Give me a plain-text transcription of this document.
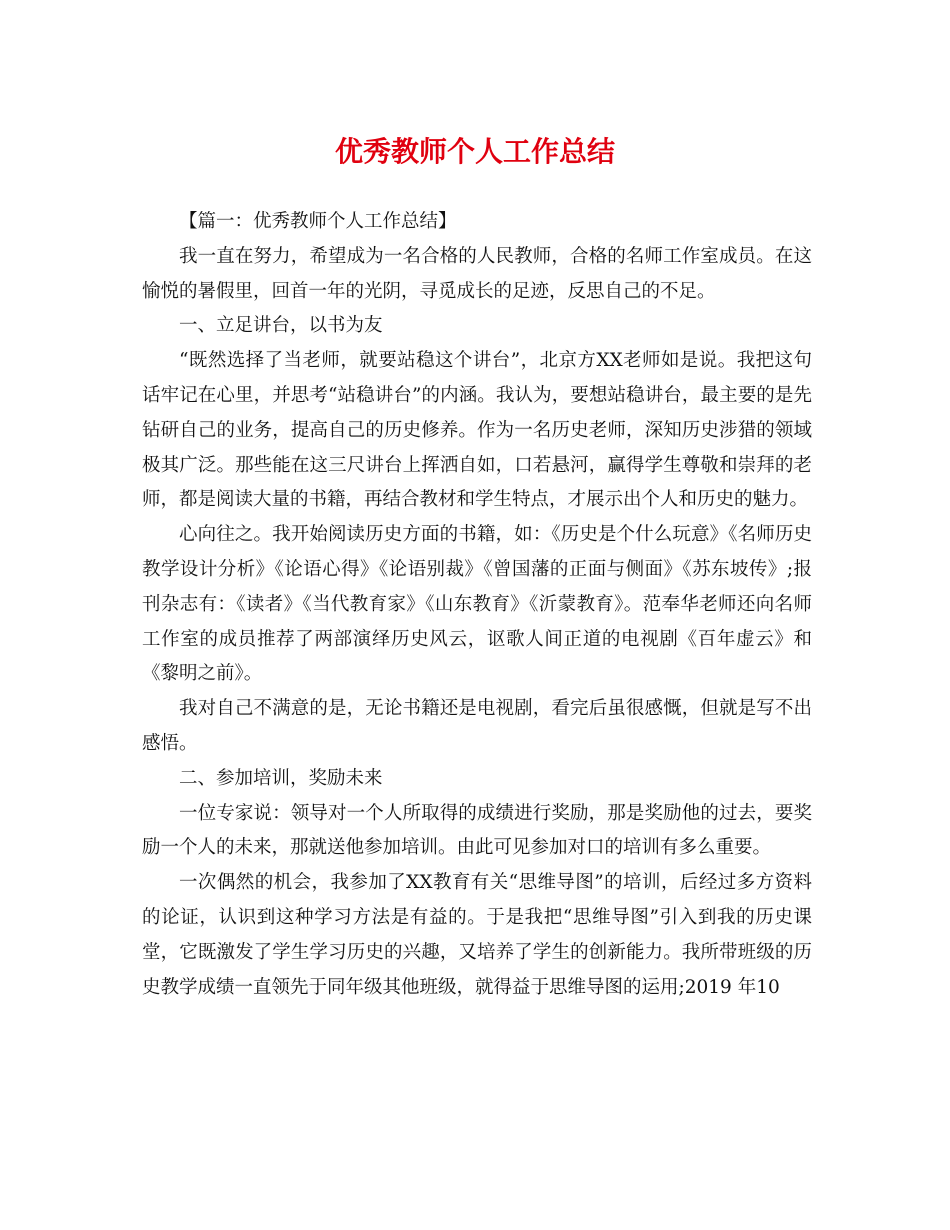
优秀教师个人工作总结

【篇一：优秀教师个人工作总结】

我一直在努力，希望成为一名合格的人民教师，合格的名师工作室成员。在这愉悦的暑假里，回首一年的光阴，寻觅成长的足迹，反思自己的不足。

一、立足讲台，以书为友

“既然选择了当老师，就要站稳这个讲台”，北京方XX老师如是说。我把这句话牢记在心里，并思考“站稳讲台”的内涵。我认为，要想站稳讲台，最主要的是先钻研自己的业务，提高自己的历史修养。作为一名历史老师，深知历史涉猎的领域极其广泛。那些能在这三尺讲台上挥洒自如，口若悬河，赢得学生尊敬和崇拜的老师，都是阅读大量的书籍，再结合教材和学生特点，才展示出个人和历史的魅力。

心向往之。我开始阅读历史方面的书籍，如：《历史是个什么玩意》《名师历史教学设计分析》《论语心得》《论语别裁》《曾国藩的正面与侧面》《苏东坡传》;报刊杂志有：《读者》《当代教育家》《山东教育》《沂蒙教育》。范奉华老师还向名师工作室的成员推荐了两部演绎历史风云，讴歌人间正道的电视剧《百年虚云》和《黎明之前》。

我对自己不满意的是，无论书籍还是电视剧，看完后虽很感慨，但就是写不出感悟。

二、参加培训，奖励未来

一位专家说：领导对一个人所取得的成绩进行奖励，那是奖励他的过去，要奖励一个人的未来，那就送他参加培训。由此可见参加对口的培训有多么重要。

一次偶然的机会，我参加了XX教育有关“思维导图”的培训，后经过多方资料的论证，认识到这种学习方法是有益的。于是我把“思维导图”引入到我的历史课堂，它既激发了学生学习历史的兴趣，又培养了学生的创新能力。我所带班级的历史教学成绩一直领先于同年级其他班级，就得益于思维导图的运用;2019 年10
